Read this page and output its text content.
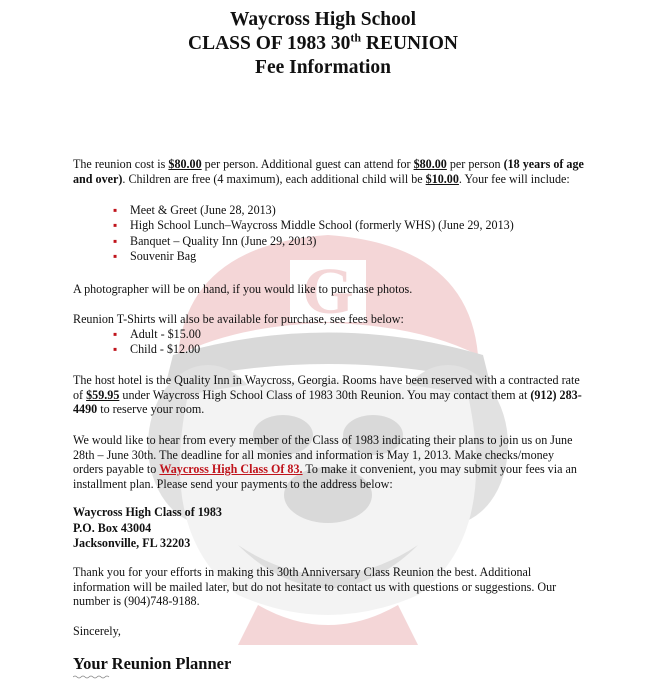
G
Waycross High School
CLASS OF 1983 30th REUNION
Fee Information
The reunion cost is $80.00 per person. Additional guest can attend for $80.00 per person (18 years of age and over). Children are free (4 maximum), each additional child will be $10.00. Your fee will include:
▪ Meet & Greet (June 28, 2013)
▪ High School Lunch–Waycross Middle School (formerly WHS) (June 29, 2013)
▪ Banquet – Quality Inn (June 29, 2013)
▪ Souvenir Bag
A photographer will be on hand, if you would like to purchase photos.
Reunion T-Shirts will also be available for purchase, see fees below:
▪ Adult - $15.00
▪ Child - $12.00
The host hotel is the Quality Inn in Waycross, Georgia. Rooms have been reserved with a contracted rate of $59.95 under Waycross High School Class of 1983 30th Reunion. You may contact them at (912) 283-4490 to reserve your room.
We would like to hear from every member of the Class of 1983 indicating their plans to join us on June 28th – June 30th. The deadline for all monies and information is May 1, 2013. Make checks/money orders payable to Waycross High Class Of 83. To make it convenient, you may submit your fees via an installment plan. Please send your payments to the address below:
Waycross High Class of 1983
P.O. Box 43004
Jacksonville, FL 32203
Thank you for your efforts in making this 30th Anniversary Class Reunion the best. Additional information will be mailed later, but do not hesitate to contact us with questions or suggestions. Our number is (904)748-9188.
Sincerely,
Your Reunion Planner
